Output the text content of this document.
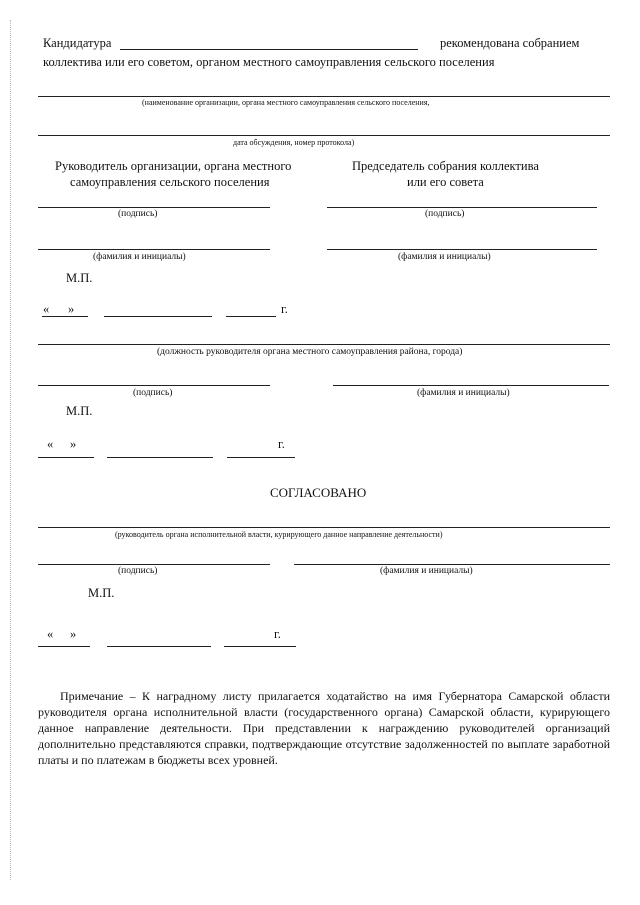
Кандидатура	рекомендована собранием
коллектива или его советом, органом местного самоуправления сельского поселения
(наименование организации, органа местного самоуправления сельского поселения,
дата обсуждения, номер протокола)
Руководитель организации, органа местного
самоуправления сельского поселения
(подпись)
(фамилия и инициалы)
Председатель собрания коллектива
или его совета
(подпись)
(фамилия и инициалы)
М.П.
« »	г.
(должность руководителя органа местного самоуправления района, города)
(подпись)	(фамилия и инициалы)
М.П.
« »	г.
СОГЛАСОВАНО
(руководитель органа исполнительной власти, курирующего данное направление деятельности)
(подпись)	(фамилия и инициалы)
М.П.
« »	г.
Примечание – К наградному листу прилагается ходатайство на имя Губернатора Самарской области руководителя органа исполнительной власти (государственного органа) Самарской области, курирующего данное направление деятельности. При представлении к награждению руководителей организаций дополнительно представляются справки, подтверждающие отсутствие задолженностей по выплате заработной платы и по платежам в бюджеты всех уровней.
